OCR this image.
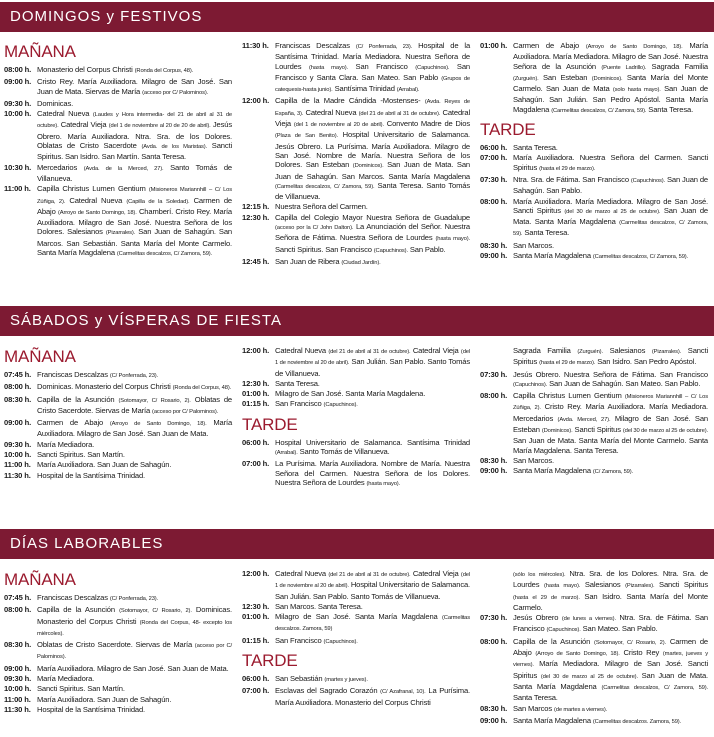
DOMINGOS y FESTIVOS
MAÑANA
08:00 h. Monasterio del Corpus Christi (Ronda del Corpus, 48).
09:00 h. Cristo Rey. María Auxiliadora. Milagro de San José. San Juan de Mata. Siervas de María (acceso por C/ Palominos).
09:30 h. Dominicas.
10:00 h. Catedral Nueva (Laudes y Hora intermedia- del 21 de abril al 31 de octubre). Catedral Vieja (del 1 de noviembre al 20 de 20 de abril). Jesús Obrero. María Auxiliadora. Ntra. Sra. de los Dolores. Oblatas de Cristo Sacerdote (Avda. de los Maristas). Sancti Spiritus. San Isidro. San Martín. Santa Teresa.
10:30 h. Mercedarios (Avda. de la Merced, 27). Santo Tomás de Villanueva.
11:00 h. Capilla Christus Lumen Gentium (Misioneros Mariannhill – C/ Los Zúñiga, 2). Catedral Nueva (Capilla de la Soledad). Carmen de Abajo (Arroyo de Santo Domingo, 18). Chamberí. Cristo Rey. María Auxiliadora. Milagro de San José. Nuestra Señora de los Dolores. Salesianos (Pizarrales). San Juan de Sahagún. San Marcos. San Sebastián. Santa María del Monte Carmelo. Santa María Magdalena (Carmelitas descalzos, C/ Zamora, 59).
11:30 h. Franciscas Descalzas (C/ Ponferrada, 23). Hospital de la Santísima Trinidad. María Mediadora. Nuestra Señora de Lourdes (hasta mayo). San Francisco (Capuchinos). San Francisco y Santa Clara. San Mateo. San Pablo (Grupos de catequesis-hasta junio). Santísima Trinidad (Arrabal).
12:00 h. Capilla de la Madre Cándida -Mostenses- (Avda. Reyes de España, 3). Catedral Nueva (del 21 de abril al 31 de octubre). Catedral Vieja (del 1 de noviembre al 20 de abril). Convento Madre de Dios (Plaza de San Benito). Hospital Universitario de Salamanca. Jesús Obrero. La Purísima. María Auxiliadora. Milagro de San José. Nombre de María. Nuestra Señora de los Dolores. San Esteban (Dominicos). San Juan de Mata. San Juan de Sahagún. San Marcos. Santa María Magdalena (Carmelitas descalzos, C/ Zamora, 59). Santa Teresa. Santo Tomás de Villanueva.
12:15 h. Nuestra Señora del Carmen.
12:30 h. Capilla del Colegio Mayor Nuestra Señora de Guadalupe (acceso por la C/ John Dalton). La Anunciación del Señor. Nuestra Señora de Fátima. Nuestra Señora de Lourdes (hasta mayo). Sancti Spiritus. San Francisco (Capuchinos). San Pablo.
12:45 h. San Juan de Ribera (Ciudad Jardín).
01:00 h. Carmen de Abajo (Arroyo de Santo Domingo, 18). María Auxiliadora. María Mediadora. Milagro de San José. Nuestra Señora de la Asunción (Puente Ladrillo). Sagrada Familia (Zurguén). San Esteban (Dominicos). Santa María del Monte Carmelo. San Juan de Mata (solo hasta mayo). San Juan de Sahagún. San Julián. San Pedro Apóstol. Santa María Magdalena (Carmelitas descalzos, C/ Zamora, 59). Santa Teresa.
TARDE
06:00 h. Santa Teresa.
07:00 h. María Auxiliadora. Nuestra Señora del Carmen. Sancti Spiritus (hasta el 29 de marzo).
07:30 h. Ntra. Sra. de Fátima. San Francisco (Capuchinos). San Juan de Sahagún. San Pablo.
08:00 h. María Auxiliadora. María Mediadora. Milagro de San José. Sancti Spiritus (del 30 de marzo al 25 de octubre). San Juan de Mata. Santa María Magdalena (Carmelitas descalzos, C/ Zamora, 59). Santa Teresa.
08:30 h. San Marcos.
09:00 h. Santa María Magdalena (Carmelitas descalzos, C/ Zamora, 59).
SÁBADOS y VÍSPERAS DE FIESTA
MAÑANA
07:45 h. Franciscas Descalzas (C/ Ponferrada, 23).
08:00 h. Dominicas. Monasterio del Corpus Christi (Ronda del Corpus, 48).
08:30 h. Capilla de la Asunción (Sotomayor, C/ Rosario, 2). Oblatas de Cristo Sacerdote. Siervas de María (acceso por C/ Palominos).
09:00 h. Carmen de Abajo (Arroyo de Santo Domingo, 18). María Auxiliadora. Milagro de San José. San Juan de Mata.
09:30 h. María Mediadora.
10:00 h. Sancti Spiritus. San Martín.
11:00 h. María Auxiliadora. San Juan de Sahagún.
11:30 h. Hospital de la Santísima Trinidad.
12:00 h. Catedral Nueva (del 21 de abril al 31 de octubre). Catedral Vieja (del 1 de noviembre al 20 de abril). San Julián. San Pablo. Santo Tomás de Villanueva.
12:30 h. Santa Teresa.
01:00 h. Milagro de San José. Santa María Magdalena.
01:15 h. San Francisco (Capuchinos).
TARDE
06:00 h. Hospital Universitario de Salamanca. Santísima Trinidad (Arrabal). Santo Tomás de Villanueva.
07:00 h. La Purísima. María Auxiliadora. Nombre de María. Nuestra Señora del Carmen. Nuestra Señora de los Dolores. Nuestra Señora de Lourdes (hasta mayo).
Sagrada Familia (Zurguén). Salesianos (Pizarrales). Sancti Spiritus (hasta el 29 de marzo). San Isidro. San Pedro Apóstol.
07:30 h. Jesús Obrero. Nuestra Señora de Fátima. San Francisco (Capuchinos). San Juan de Sahagún. San Mateo. San Pablo.
08:00 h. Capilla Christus Lumen Gentium (Misioneros Mariannhill – C/ Los Zúñiga, 2). Cristo Rey. María Auxiliadora. María Mediadora. Mercedarios (Avda. Merced, 27). Milagro de San José. San Esteban (Dominicos). Sancti Spiritus (del 30 de marzo al 25 de octubre). San Juan de Mata. Santa María del Monte Carmelo. Santa María Magdalena. Santa Teresa.
08:30 h. San Marcos.
09:00 h. Santa María Magdalena (C/ Zamora, 59).
DÍAS LABORABLES
MAÑANA
07:45 h. Franciscas Descalzas (C/ Ponferrada, 23).
08:00 h. Capilla de la Asunción (Sotomayor, C/ Rosario, 2). Dominicas. Monasterio del Corpus Christi (Ronda del Corpus, 48- excepto los miércoles).
08:30 h. Oblatas de Cristo Sacerdote. Siervas de María (acceso por C/ Palominos).
09:00 h. María Auxiliadora. Milagro de San José. San Juan de Mata.
09:30 h. María Mediadora.
10:00 h. Sancti Spiritus. San Martín.
11:00 h. María Auxiliadora. San Juan de Sahagún.
11:30 h. Hospital de la Santísima Trinidad.
12:00 h. Catedral Nueva (del 21 de abril al 31 de octubre). Catedral Vieja (del 1 de noviembre al 20 de abril). Hospital Universitario de Salamanca. San Julián. San Pablo. Santo Tomás de Villanueva.
12:30 h. San Marcos. Santa Teresa.
01:00 h. Milagro de San José. Santa María Magdalena (Carmelitas descalzos. Zamora, 59)
01:15 h. San Francisco (Capuchinos).
TARDE
06:00 h. San Sebastián (martes y jueves).
07:00 h. Esclavas del Sagrado Corazón (C/ Azafranal, 10). La Purísima. María Auxiliadora. Monasterio del Corpus Christi
(sólo los miércoles). Ntra. Sra. de los Dolores. Ntra. Sra. de Lourdes (hasta mayo). Salesianos (Pizarrales). Sancti Spiritus (hasta el 29 de marzo). San Isidro. Santa María del Monte Carmelo.
07:30 h. Jesús Obrero (de lunes a viernes). Ntra. Sra. de Fátima. San Francisco (Capuchinos). San Mateo. San Pablo.
08:00 h. Capilla de la Asunción (Sotomayor, C/ Rosario, 2). Carmen de Abajo (Arroyo de Santo Domingo, 18). Cristo Rey (martes, jueves y viernes). María Mediadora. Milagro de San José. Sancti Spiritus (del 30 de marzo al 25 de octubre). San Juan de Mata. Santa María Magdalena (Carmelitas descalzos, C/ Zamora, 59). Santa Teresa.
08:30 h. San Marcos (de martes a viernes).
09:00 h. Santa María Magdalena (Carmelitas descalzos. Zamora, 59).
